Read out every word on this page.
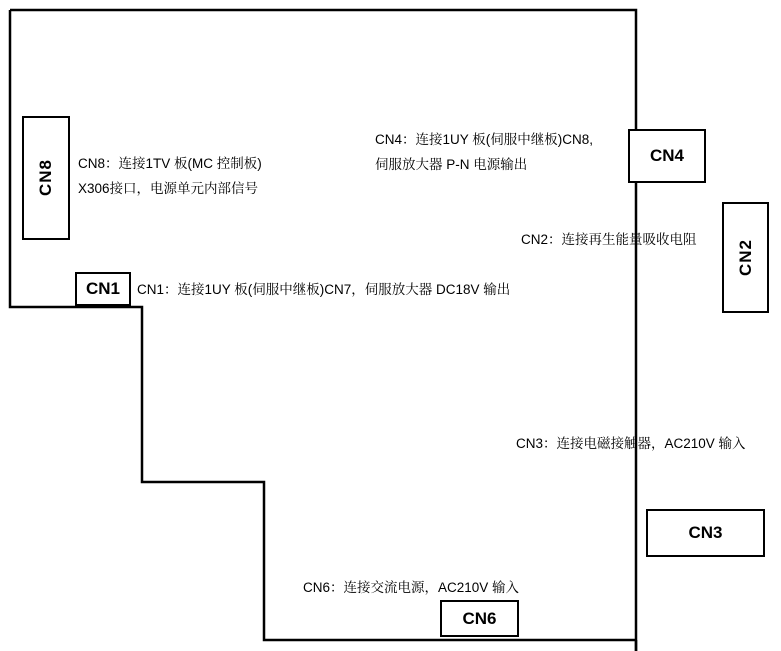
CN8
CN1
CN4
CN2
CN3
CN6
CN8：连接1TV 板(MC 控制板)
X306接口，电源单元内部信号
CN4：连接1UY 板(伺服中继板)CN8,
伺服放大器 P-N 电源输出
CN2：连接再生能量吸收电阻
CN1：连接1UY 板(伺服中继板)CN7，伺服放大器 DC18V 输出
CN3：连接电磁接触器，AC210V 输入
CN6：连接交流电源，AC210V 输入
